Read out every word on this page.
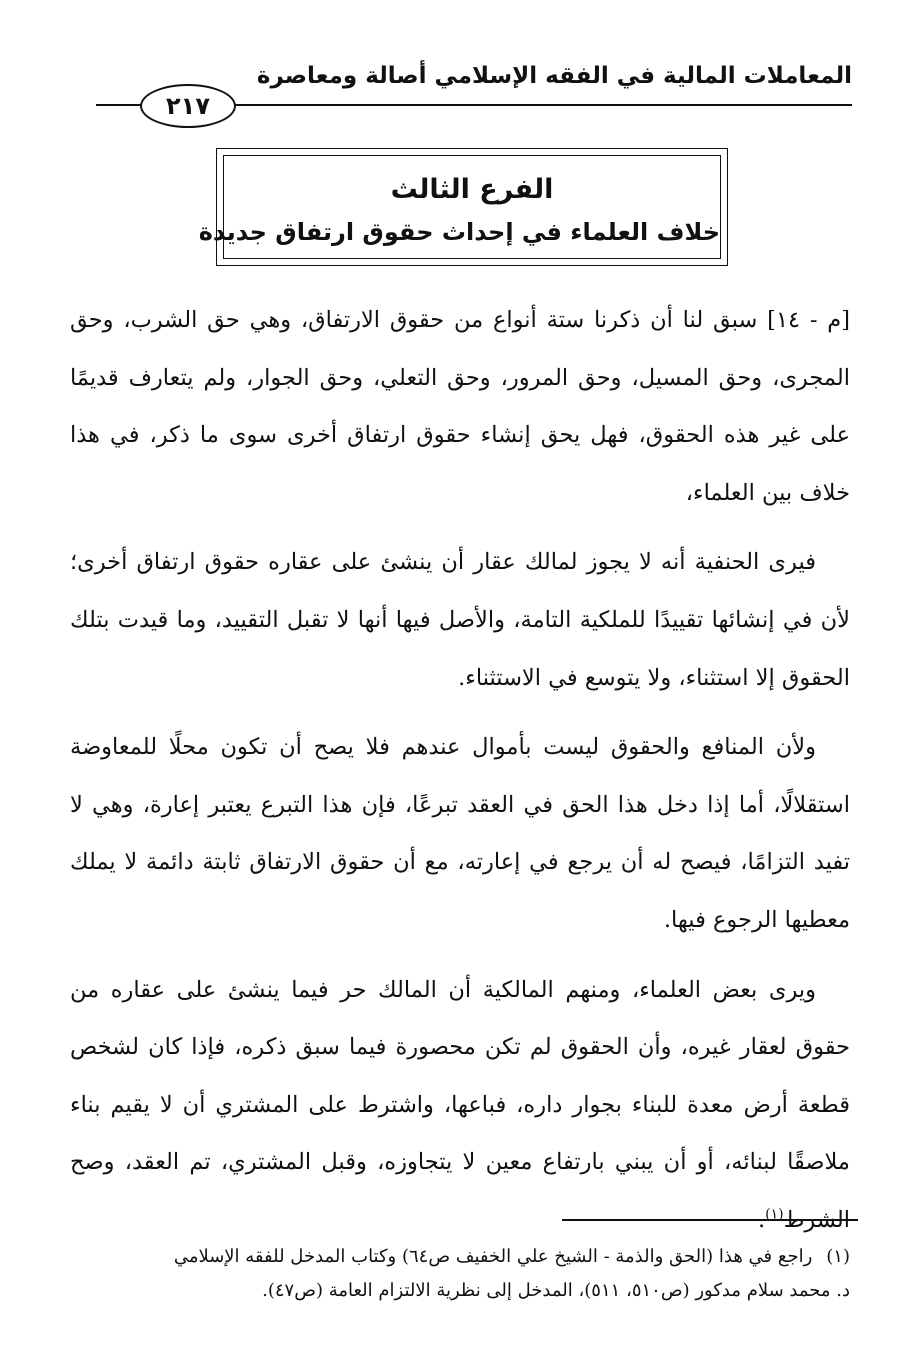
المعاملات المالية في الفقه الإسلامي أصالة ومعاصرة
٢١٧
الفرع الثالث
خلاف العلماء في إحداث حقوق ارتفاق جديدة

[م - ١٤] سبق لنا أن ذكرنا ستة أنواع من حقوق الارتفاق، وهي حق الشرب، وحق المجرى، وحق المسيل، وحق المرور، وحق التعلي، وحق الجوار، ولم يتعارف قديمًا على غير هذه الحقوق، فهل يحق إنشاء حقوق ارتفاق أخرى سوى ما ذكر، في هذا خلاف بين العلماء،

فيرى الحنفية أنه لا يجوز لمالك عقار أن ينشئ على عقاره حقوق ارتفاق أخرى؛ لأن في إنشائها تقييدًا للملكية التامة، والأصل فيها أنها لا تقبل التقييد، وما قيدت بتلك الحقوق إلا استثناء، ولا يتوسع في الاستثناء.

ولأن المنافع والحقوق ليست بأموال عندهم فلا يصح أن تكون محلًا للمعاوضة استقلالًا، أما إذا دخل هذا الحق في العقد تبرعًا، فإن هذا التبرع يعتبر إعارة، وهي لا تفيد التزامًا، فيصح له أن يرجع في إعارته، مع أن حقوق الارتفاق ثابتة دائمة لا يملك معطيها الرجوع فيها.

ويرى بعض العلماء، ومنهم المالكية أن المالك حر فيما ينشئ على عقاره من حقوق لعقار غيره، وأن الحقوق لم تكن محصورة فيما سبق ذكره، فإذا كان لشخص قطعة أرض معدة للبناء بجوار داره، فباعها، واشترط على المشتري أن لا يقيم بناء ملاصقًا لبنائه، أو أن يبني بارتفاع معين لا يتجاوزه، وقبل المشتري، تم العقد، وصح الشرط$^{(١)}$.

(١)راجع في هذا (الحق والذمة - الشيخ علي الخفيف ص٦٤) وكتاب المدخل للفقه الإسلامي
د. محمد سلام مدكور (ص٥١٠، ٥١١)، المدخل إلى نظرية الالتزام العامة (ص٤٧).
